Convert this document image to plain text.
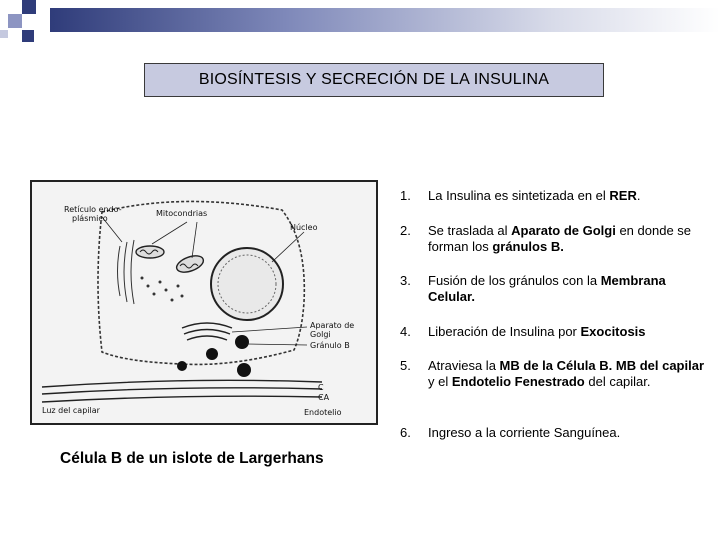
BIOSÍNTESIS Y SECRECIÓN DE LA INSULINA
Retículo endo-
plásmico
Mitocondrias
Núcleo
Aparato de
Golgi
Gránulo B
C
CA
Endotelio
Luz del capilar
Célula B de un islote de Largerhans
1.	La Insulina es sintetizada en el RER.
2.	Se traslada al Aparato de Golgi en donde se forman los gránulos B.
3.	Fusión de los gránulos con la Membrana Celular.
4.	Liberación de Insulina por Exocitosis
5.	Atraviesa la MB de la Célula B. MB del capilar y el Endotelio Fenestrado del capilar.
6.	Ingreso a la corriente Sanguínea.
